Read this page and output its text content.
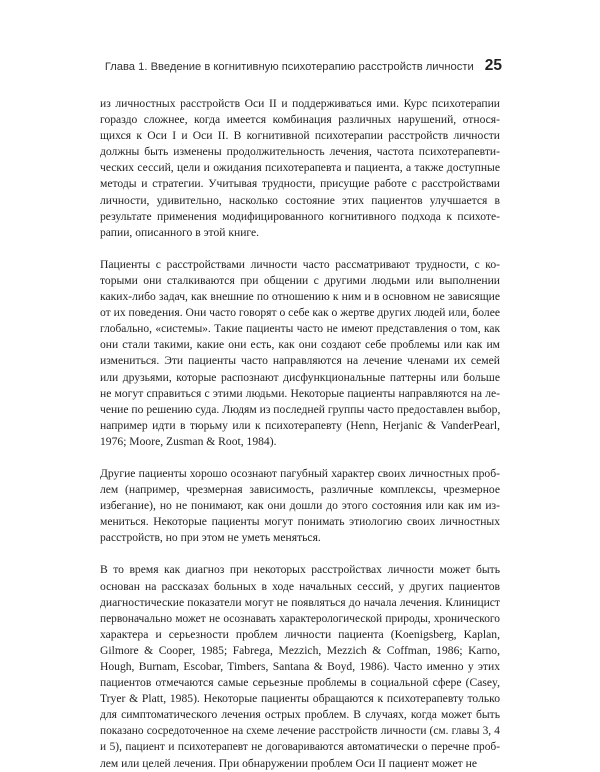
Глава 1. Введение в когнитивную психотерапию расстройств личности 25
из личностных расстройств Оси II и поддерживаться ими. Курс психотерапии
гораздо сложнее, когда имеется комбинация различных нарушений, относя-
щихся к Оси I и Оси II. В когнитивной психотерапии расстройств личности
должны быть изменены продолжительность лечения, частота психотерапевти-
ческих сессий, цели и ожидания психотерапевта и пациента, а также доступные
методы и стратегии. Учитывая трудности, присущие работе с расстройствами
личности, удивительно, насколько состояние этих пациентов улучшается в
результате применения модифицированного когнитивного подхода к психоте-
рапии, описанного в этой книге.
Пациенты с расстройствами личности часто рассматривают трудности, с ко-
торыми они сталкиваются при общении с другими людьми или выполнении
каких-либо задач, как внешние по отношению к ним и в основном не зависящие
от их поведения. Они часто говорят о себе как о жертве других людей или, более
глобально, «системы». Такие пациенты часто не имеют представления о том, как
они стали такими, какие они есть, как они создают себе проблемы или как им
измениться. Эти пациенты часто направляются на лечение членами их семей
или друзьями, которые распознают дисфункциональные паттерны или больше
не могут справиться с этими людьми. Некоторые пациенты направляются на ле-
чение по решению суда. Людям из последней группы часто предоставлен выбор,
например идти в тюрьму или к психотерапевту (Henn, Herjanic & VanderPearl,
1976; Moore, Zusman & Root, 1984).
Другие пациенты хорошо осознают пагубный характер своих личностных проб-
лем (например, чрезмерная зависимость, различные комплексы, чрезмерное
избегание), но не понимают, как они дошли до этого состояния или как им из-
мениться. Некоторые пациенты могут понимать этиологию своих личностных
расстройств, но при этом не уметь меняться.
В то время как диагноз при некоторых расстройствах личности может быть
основан на рассказах больных в ходе начальных сессий, у других пациентов
диагностические показатели могут не появляться до начала лечения. Клиницист
первоначально может не осознавать характерологической природы, хронического
характера и серьезности проблем личности пациента (Koenigsberg, Kaplan,
Gilmore & Cooper, 1985; Fabrega, Mezzich, Mezzich & Coffman, 1986; Karno,
Hough, Burnam, Escobar, Timbers, Santana & Boyd, 1986). Часто именно у этих
пациентов отмечаются самые серьезные проблемы в социальной сфере (Casey,
Tryer & Platt, 1985). Некоторые пациенты обращаются к психотерапевту только
для симптоматического лечения острых проблем. В случаях, когда может быть
показано сосредоточенное на схеме лечение расстройств личности (см. главы 3, 4
и 5), пациент и психотерапевт не договариваются автоматически о перечне проб-
лем или целей лечения. При обнаружении проблем Оси II пациент может не
